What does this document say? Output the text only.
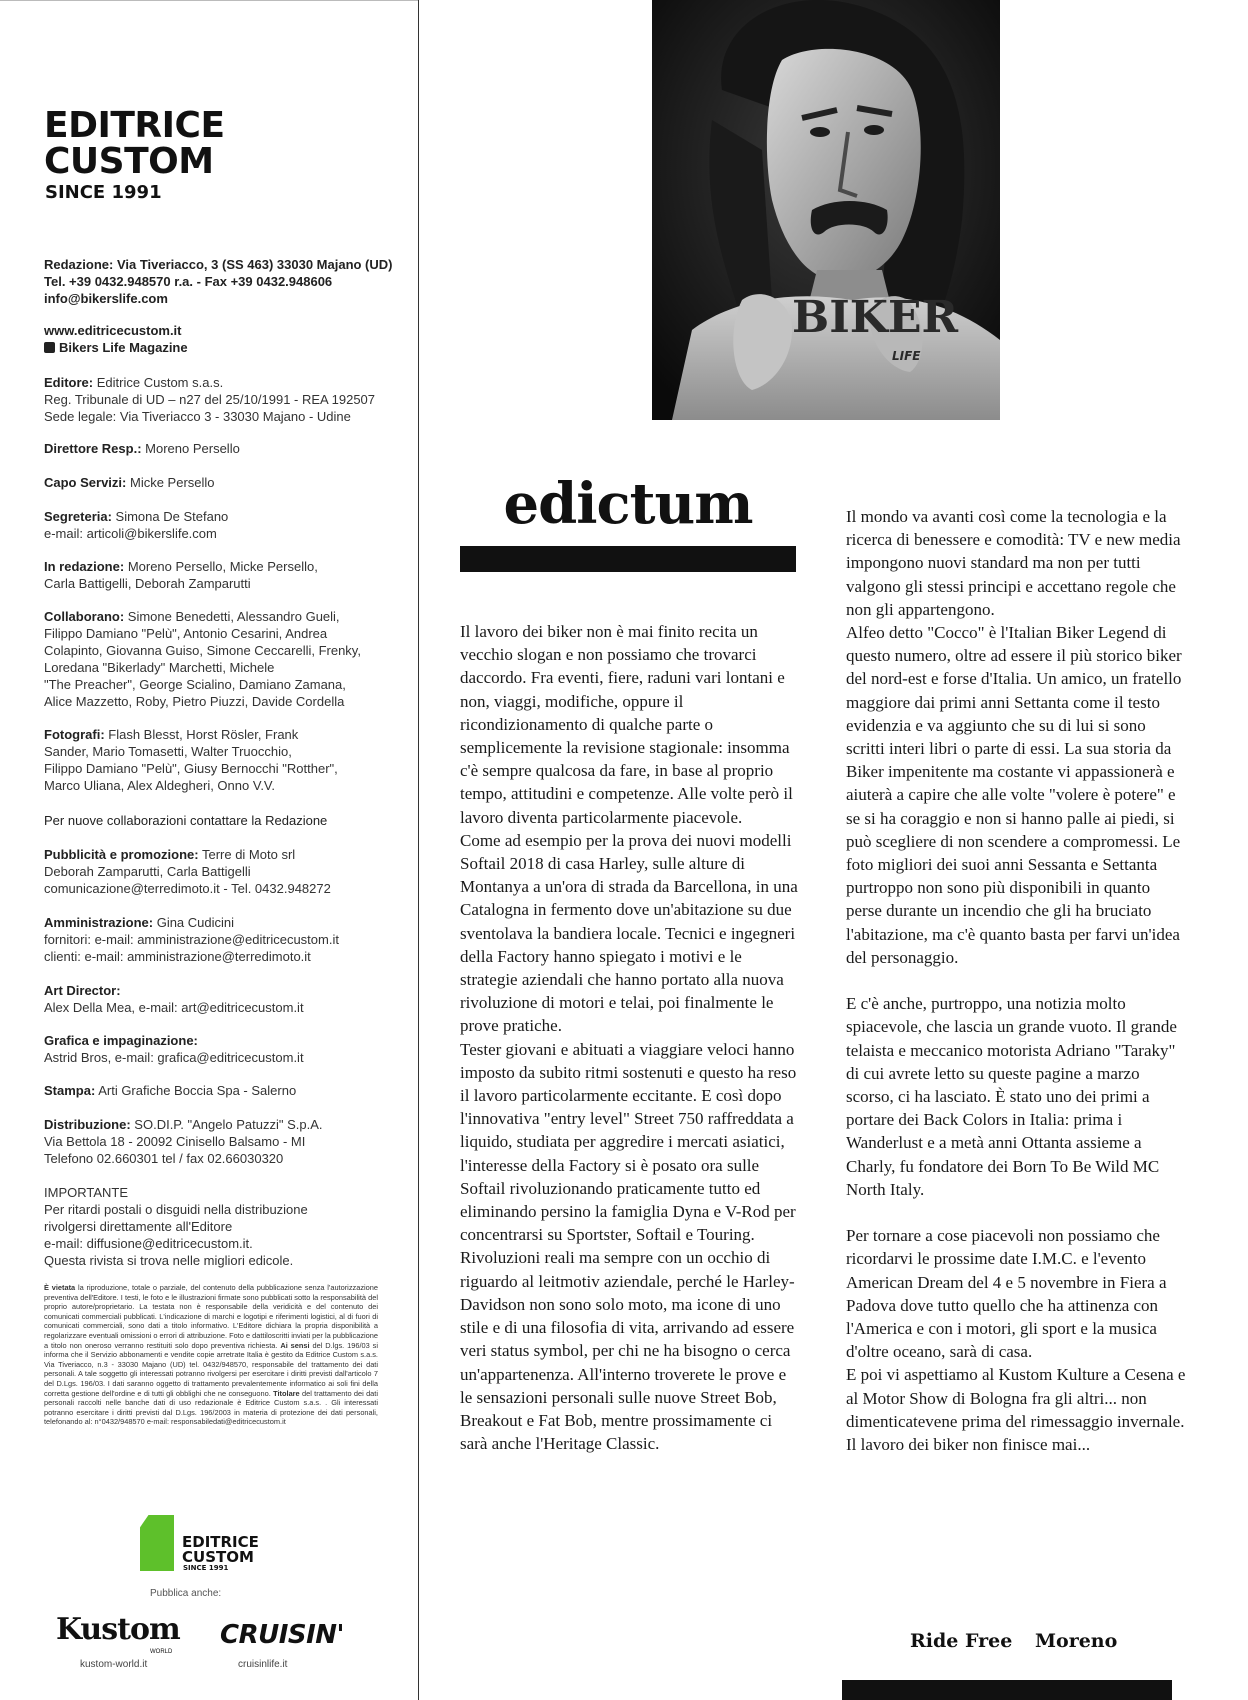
EDITRICE
CUSTOM
SINCE 1991
Redazione: Via Tiveriacco, 3 (SS 463) 33030 Majano (UD)
Tel. +39 0432.948570 r.a. - Fax +39 0432.948606
info@bikerslife.com
www.editricecustom.it
Bikers Life Magazine
Editore: Editrice Custom s.a.s.
Reg. Tribunale di UD – n27 del 25/10/1991 - REA 192507
Sede legale: Via Tiveriacco 3 - 33030 Majano - Udine
Direttore Resp.: Moreno Persello
Capo Servizi: Micke Persello
Segreteria: Simona De Stefano
e-mail: articoli@bikerslife.com
In redazione: Moreno Persello, Micke Persello,
Carla Battigelli, Deborah Zamparutti
Collaborano: Simone Benedetti, Alessandro Gueli,
Filippo Damiano "Pelù", Antonio Cesarini, Andrea
Colapinto, Giovanna Guiso, Simone Ceccarelli, Frenky,
Loredana "Bikerlady" Marchetti, Michele
"The Preacher", George Scialino, Damiano Zamana,
Alice Mazzetto, Roby, Pietro Piuzzi, Davide Cordella
Fotografi: Flash Blesst, Horst Rösler, Frank
Sander, Mario Tomasetti, Walter Truocchio,
Filippo Damiano "Pelù", Giusy Bernocchi "Rotther",
Marco Uliana, Alex Aldegheri, Onno V.V.
Per nuove collaborazioni contattare la Redazione
Pubblicità e promozione: Terre di Moto srl
Deborah Zamparutti, Carla Battigelli
comunicazione@terredimoto.it - Tel. 0432.948272
Amministrazione: Gina Cudicini
fornitori: e-mail: amministrazione@editricecustom.it
clienti: e-mail: amministrazione@terredimoto.it
Art Director:
Alex Della Mea, e-mail: art@editricecustom.it
Grafica e impaginazione:
Astrid Bros, e-mail: grafica@editricecustom.it
Stampa: Arti Grafiche Boccia Spa - Salerno
Distribuzione: SO.DI.P. "Angelo Patuzzi" S.p.A.
Via Bettola 18 - 20092 Cinisello Balsamo - MI
Telefono 02.660301 tel / fax 02.66030320
IMPORTANTE
Per ritardi postali o disguidi nella distribuzione
rivolgersi direttamente all'Editore
e-mail: diffusione@editricecustom.it.
Questa rivista si trova nelle migliori edicole.
È vietata la riproduzione, totale o parziale, del contenuto della pubblicazione senza l'autorizzazione preventiva dell'Editore. I testi, le foto e le illustrazioni firmate sono pubblicati sotto la responsabilità del proprio autore/proprietario. La testata non è responsabile della veridicità e del contenuto dei comunicati commerciali pubblicati. L'indicazione di marchi e logotipi e riferimenti logistici, al di fuori di comunicati commerciali, sono dati a titolo informativo. L'Editore dichiara la propria disponibilità a regolarizzare eventuali omissioni o errori di attribuzione. Foto e dattiloscritti inviati per la pubblicazione a titolo non oneroso verranno restituiti solo dopo preventiva richiesta. Ai sensi del D.lgs. 196/03 si informa che il Servizio abbonamenti e vendite copie arretrate Italia è gestito da Editrice Custom s.a.s. Via Tiveriacco, n.3 - 33030 Majano (UD) tel. 0432/948570, responsabile del trattamento dei dati personali. A tale soggetto gli interessati potranno rivolgersi per esercitare i diritti previsti dall'articolo 7 del D.Lgs. 196/03. I dati saranno oggetto di trattamento prevalentemente informatico ai soli fini della corretta gestione dell'ordine e di tutti gli obblighi che ne conseguono. Titolare del trattamento dei dati personali raccolti nelle banche dati di uso redazionale è Editrice Custom s.a.s. . Gli interessati potranno esercitare i diritti previsti dal D.Lgs. 196/2003 in materia di protezione dei dati personali, telefonando al: n°0432/948570 e-mail: responsabiledati@editricecustom.it
EDITRICE
CUSTOM
SINCE 1991
Pubblica anche:
Kustom
WORLD
CRUISIN'
kustom-world.it	cruisinlife.it
BIKER
LIFE
edictum

Il lavoro dei biker non è mai finito recita un vecchio slogan e non possiamo che trovarci daccordo. Fra eventi, fiere, raduni vari lontani e non, viaggi, modifiche, oppure il ricondizionamento di qualche parte o semplicemente la revisione stagionale: insomma c'è sempre qualcosa da fare, in base al proprio tempo, attitudini e competenze. Alle volte però il lavoro diventa particolarmente piacevole.

Come ad esempio per la prova dei nuovi modelli Softail 2018 di casa Harley, sulle alture di Montanya a un'ora di strada da Barcellona, in una Catalogna in fermento dove un'abitazione su due sventolava la bandiera locale. Tecnici e ingegneri della Factory hanno spiegato i motivi e le strategie aziendali che hanno portato alla nuova rivoluzione di motori e telai, poi finalmente le prove pratiche.

Tester giovani e abituati a viaggiare veloci hanno imposto da subito ritmi sostenuti e questo ha reso il lavoro particolarmente eccitante. E così dopo l'innovativa "entry level" Street 750 raffreddata a liquido, studiata per aggredire i mercati asiatici, l'interesse della Factory si è posato ora sulle Softail rivoluzionando praticamente tutto ed eliminando persino la famiglia Dyna e V-Rod per concentrarsi su Sportster, Softail e Touring. Rivoluzioni reali ma sempre con un occhio di riguardo al leitmotiv aziendale, perché le Harley-Davidson non sono solo moto, ma icone di uno stile e di una filosofia di vita, arrivando ad essere veri status symbol, per chi ne ha bisogno o cerca un'appartenenza. All'interno troverete le prove e le sensazioni personali sulle nuove Street Bob, Breakout e Fat Bob, mentre prossimamente ci sarà anche l'Heritage Classic.

Il mondo va avanti così come la tecnologia e la ricerca di benessere e comodità: TV e new media impongono nuovi standard ma non per tutti valgono gli stessi principi e accettano regole che non gli appartengono.

Alfeo detto "Cocco" è l'Italian Biker Legend di questo numero, oltre ad essere il più storico biker del nord-est e forse d'Italia. Un amico, un fratello maggiore dai primi anni Settanta come il testo evidenzia e va aggiunto che su di lui si sono scritti interi libri o parte di essi. La sua storia da Biker impenitente ma costante vi appassionerà e aiuterà a capire che alle volte "volere è potere" e se si ha coraggio e non si hanno palle ai piedi, si può scegliere di non scendere a compromessi. Le foto migliori dei suoi anni Sessanta e Settanta purtroppo non sono più disponibili in quanto perse durante un incendio che gli ha bruciato l'abitazione, ma c'è quanto basta per farvi un'idea del personaggio.

E c'è anche, purtroppo, una notizia molto spiacevole, che lascia un grande vuoto. Il grande telaista e meccanico motorista Adriano "Taraky" di cui avrete letto su queste pagine a marzo scorso, ci ha lasciato. È stato uno dei primi a portare dei Back Colors in Italia: prima i Wanderlust e a metà anni Ottanta assieme a Charly, fu fondatore dei Born To Be Wild MC North Italy.

Per tornare a cose piacevoli non possiamo che ricordarvi le prossime date I.M.C. e l'evento American Dream del 4 e 5 novembre in Fiera a Padova dove tutto quello che ha attinenza con l'America e con i motori, gli sport e la musica d'oltre oceano, sarà di casa.

E poi vi aspettiamo al Kustom Kulture a Cesena e al Motor Show di Bologna fra gli altri... non dimenticatevene prima del rimessaggio invernale.

Il lavoro dei biker non finisce mai...

Ride Free Moreno
